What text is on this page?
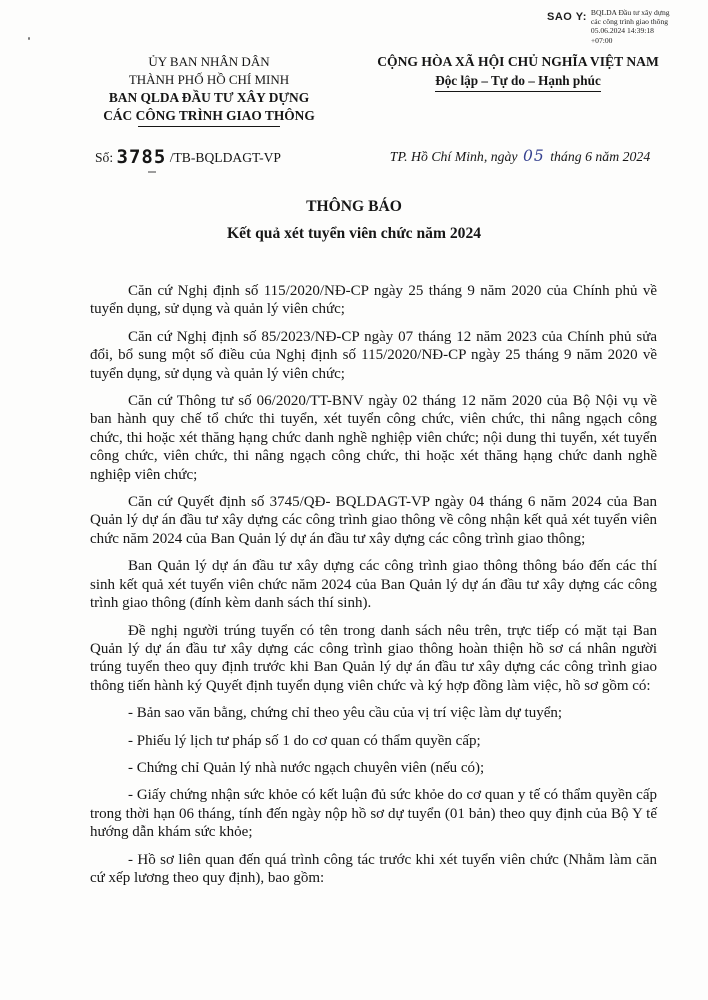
SAO Y: BQLDA Đầu tư xây dựng
các công trình giao thông
05.06.2024 14:39:18
+07:00
ỦY BAN NHÂN DÂN
THÀNH PHỐ HỒ CHÍ MINH
BAN QLDA ĐẦU TƯ XÂY DỰNG
CÁC CÔNG TRÌNH GIAO THÔNG
CỘNG HÒA XÃ HỘI CHỦ NGHĨA VIỆT NAM
Độc lập – Tự do – Hạnh phúc
Số: 3785 /TB-BQLDAGT-VP	TP. Hồ Chí Minh, ngày 05 tháng 6 năm 2024
THÔNG BÁO
Kết quả xét tuyển viên chức năm 2024

Căn cứ Nghị định số 115/2020/NĐ-CP ngày 25 tháng 9 năm 2020 của Chính phủ về tuyển dụng, sử dụng và quản lý viên chức;

Căn cứ Nghị định số 85/2023/NĐ-CP ngày 07 tháng 12 năm 2023 của Chính phủ sửa đổi, bổ sung một số điều của Nghị định số 115/2020/NĐ-CP ngày 25 tháng 9 năm 2020 về tuyển dụng, sử dụng và quản lý viên chức;

Căn cứ Thông tư số 06/2020/TT-BNV ngày 02 tháng 12 năm 2020 của Bộ Nội vụ về ban hành quy chế tổ chức thi tuyển, xét tuyển công chức, viên chức, thi nâng ngạch công chức, thi hoặc xét thăng hạng chức danh nghề nghiệp viên chức; nội dung thi tuyển, xét tuyển công chức, viên chức, thi nâng ngạch công chức, thi hoặc xét thăng hạng chức danh nghề nghiệp viên chức;

Căn cứ Quyết định số 3745/QĐ- BQLDAGT-VP ngày 04 tháng 6 năm 2024 của Ban Quản lý dự án đầu tư xây dựng các công trình giao thông về công nhận kết quả xét tuyển viên chức năm 2024 của Ban Quản lý dự án đầu tư xây dựng các công trình giao thông;

Ban Quản lý dự án đầu tư xây dựng các công trình giao thông thông báo đến các thí sinh kết quả xét tuyển viên chức năm 2024 của Ban Quản lý dự án đầu tư xây dựng các công trình giao thông (đính kèm danh sách thí sinh).

Đề nghị người trúng tuyển có tên trong danh sách nêu trên, trực tiếp có mặt tại Ban Quản lý dự án đầu tư xây dựng các công trình giao thông hoàn thiện hồ sơ cá nhân người trúng tuyển theo quy định trước khi Ban Quản lý dự án đầu tư xây dựng các công trình giao thông tiến hành ký Quyết định tuyển dụng viên chức và ký hợp đồng làm việc, hồ sơ gồm có:

- Bản sao văn bằng, chứng chỉ theo yêu cầu của vị trí việc làm dự tuyển;

- Phiếu lý lịch tư pháp số 1 do cơ quan có thẩm quyền cấp;

- Chứng chỉ Quản lý nhà nước ngạch chuyên viên (nếu có);

- Giấy chứng nhận sức khỏe có kết luận đủ sức khỏe do cơ quan y tế có thẩm quyền cấp trong thời hạn 06 tháng, tính đến ngày nộp hồ sơ dự tuyển (01 bản) theo quy định của Bộ Y tế hướng dẫn khám sức khỏe;

- Hồ sơ liên quan đến quá trình công tác trước khi xét tuyển viên chức (Nhằm làm căn cứ xếp lương theo quy định), bao gồm:
